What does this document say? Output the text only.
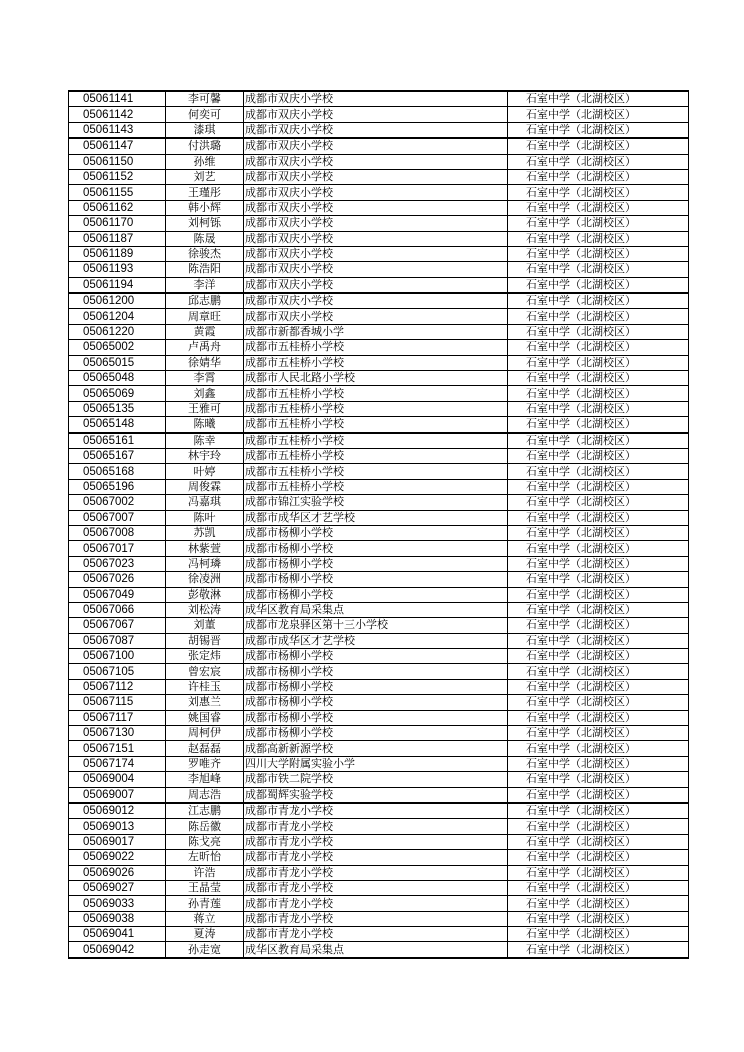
05061141	李可馨	成都市双庆小学校	石室中学（北湖校区）
05061142	何奕可	成都市双庆小学校	石室中学（北湖校区）
05061143	漆琪	成都市双庆小学校	石室中学（北湖校区）
05061147	付洪璐	成都市双庆小学校	石室中学（北湖校区）
05061150	孙维	成都市双庆小学校	石室中学（北湖校区）
05061152	刘艺	成都市双庆小学校	石室中学（北湖校区）
05061155	王瑾彤	成都市双庆小学校	石室中学（北湖校区）
05061162	韩小辉	成都市双庆小学校	石室中学（北湖校区）
05061170	刘柯铄	成都市双庆小学校	石室中学（北湖校区）
05061187	陈晟	成都市双庆小学校	石室中学（北湖校区）
05061189	徐骏杰	成都市双庆小学校	石室中学（北湖校区）
05061193	陈浩阳	成都市双庆小学校	石室中学（北湖校区）
05061194	李洋	成都市双庆小学校	石室中学（北湖校区）
05061200	邱志鹏	成都市双庆小学校	石室中学（北湖校区）
05061204	周章旺	成都市双庆小学校	石室中学（北湖校区）
05061220	黄霞	成都市新都香城小学	石室中学（北湖校区）
05065002	卢禹舟	成都市五桂桥小学校	石室中学（北湖校区）
05065015	徐婧华	成都市五桂桥小学校	石室中学（北湖校区）
05065048	李霄	成都市人民北路小学校	石室中学（北湖校区）
05065069	刘鑫	成都市五桂桥小学校	石室中学（北湖校区）
05065135	王雅可	成都市五桂桥小学校	石室中学（北湖校区）
05065148	陈曦	成都市五桂桥小学校	石室中学（北湖校区）
05065161	陈幸	成都市五桂桥小学校	石室中学（北湖校区）
05065167	林宇玲	成都市五桂桥小学校	石室中学（北湖校区）
05065168	叶婷	成都市五桂桥小学校	石室中学（北湖校区）
05065196	周俊霖	成都市五桂桥小学校	石室中学（北湖校区）
05067002	冯嘉琪	成都市锦江实验学校	石室中学（北湖校区）
05067007	陈叶	成都市成华区才艺学校	石室中学（北湖校区）
05067008	苏凯	成都市杨柳小学校	石室中学（北湖校区）
05067017	林紫萱	成都市杨柳小学校	石室中学（北湖校区）
05067023	冯柯璘	成都市杨柳小学校	石室中学（北湖校区）
05067026	徐凌洲	成都市杨柳小学校	石室中学（北湖校区）
05067049	彭敬淋	成都市杨柳小学校	石室中学（北湖校区）
05067066	刘松涛	成华区教育局采集点	石室中学（北湖校区）
05067067	刘董	成都市龙泉驿区第十三小学校	石室中学（北湖校区）
05067087	胡锡晋	成都市成华区才艺学校	石室中学（北湖校区）
05067100	张定炜	成都市杨柳小学校	石室中学（北湖校区）
05067105	曾宏宸	成都市杨柳小学校	石室中学（北湖校区）
05067112	许桂玉	成都市杨柳小学校	石室中学（北湖校区）
05067115	刘惠兰	成都市杨柳小学校	石室中学（北湖校区）
05067117	姚国睿	成都市杨柳小学校	石室中学（北湖校区）
05067130	周柯伊	成都市杨柳小学校	石室中学（北湖校区）
05067151	赵磊磊	成都高新新源学校	石室中学（北湖校区）
05067174	罗唯齐	四川大学附属实验小学	石室中学（北湖校区）
05069004	李旭峰	成都市铁二院学校	石室中学（北湖校区）
05069007	周志浩	成都蜀辉实验学校	石室中学（北湖校区）
05069012	江志鹏	成都市青龙小学校	石室中学（北湖校区）
05069013	陈岳徽	成都市青龙小学校	石室中学（北湖校区）
05069017	陈戈亮	成都市青龙小学校	石室中学（北湖校区）
05069022	左昕怡	成都市青龙小学校	石室中学（北湖校区）
05069026	许浩	成都市青龙小学校	石室中学（北湖校区）
05069027	王晶莹	成都市青龙小学校	石室中学（北湖校区）
05069033	孙青莲	成都市青龙小学校	石室中学（北湖校区）
05069038	蒋立	成都市青龙小学校	石室中学（北湖校区）
05069041	夏涛	成都市青龙小学校	石室中学（北湖校区）
05069042	孙走宽	成华区教育局采集点	石室中学（北湖校区）
